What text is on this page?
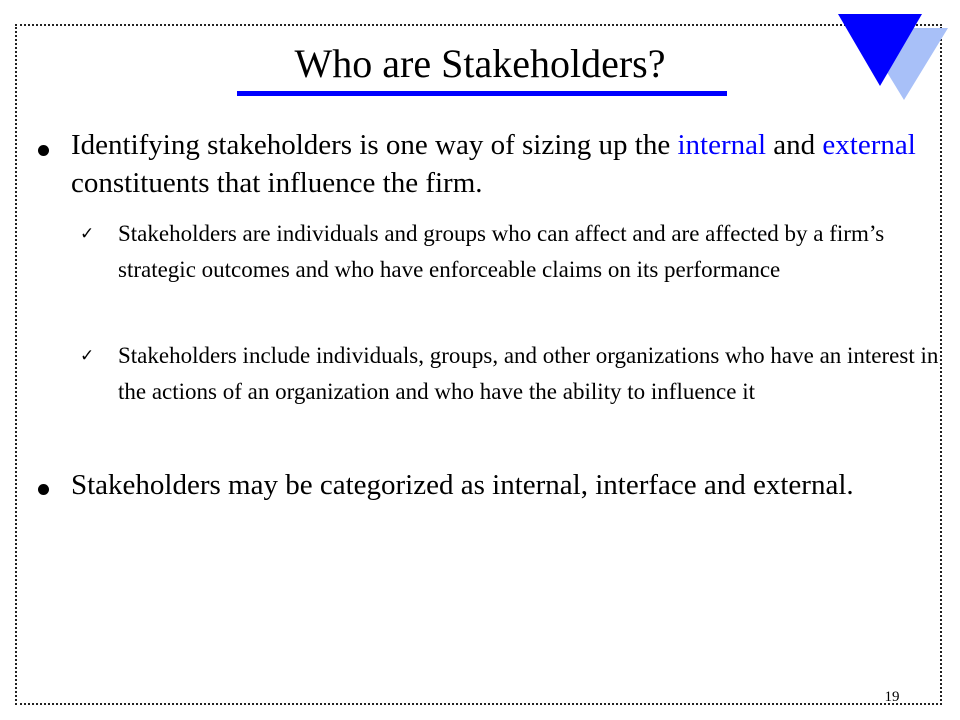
Who are Stakeholders?
Identifying stakeholders is one way of sizing up the internal and external constituents that influence the firm.
✓ Stakeholders are individuals and groups who can affect and are affected by a firm’s strategic outcomes and who have enforceable claims on its performance
✓ Stakeholders include individuals, groups, and other organizations who have an interest in the actions of an organization and who have the ability to influence it
Stakeholders may be categorized as internal, interface and external.
19
